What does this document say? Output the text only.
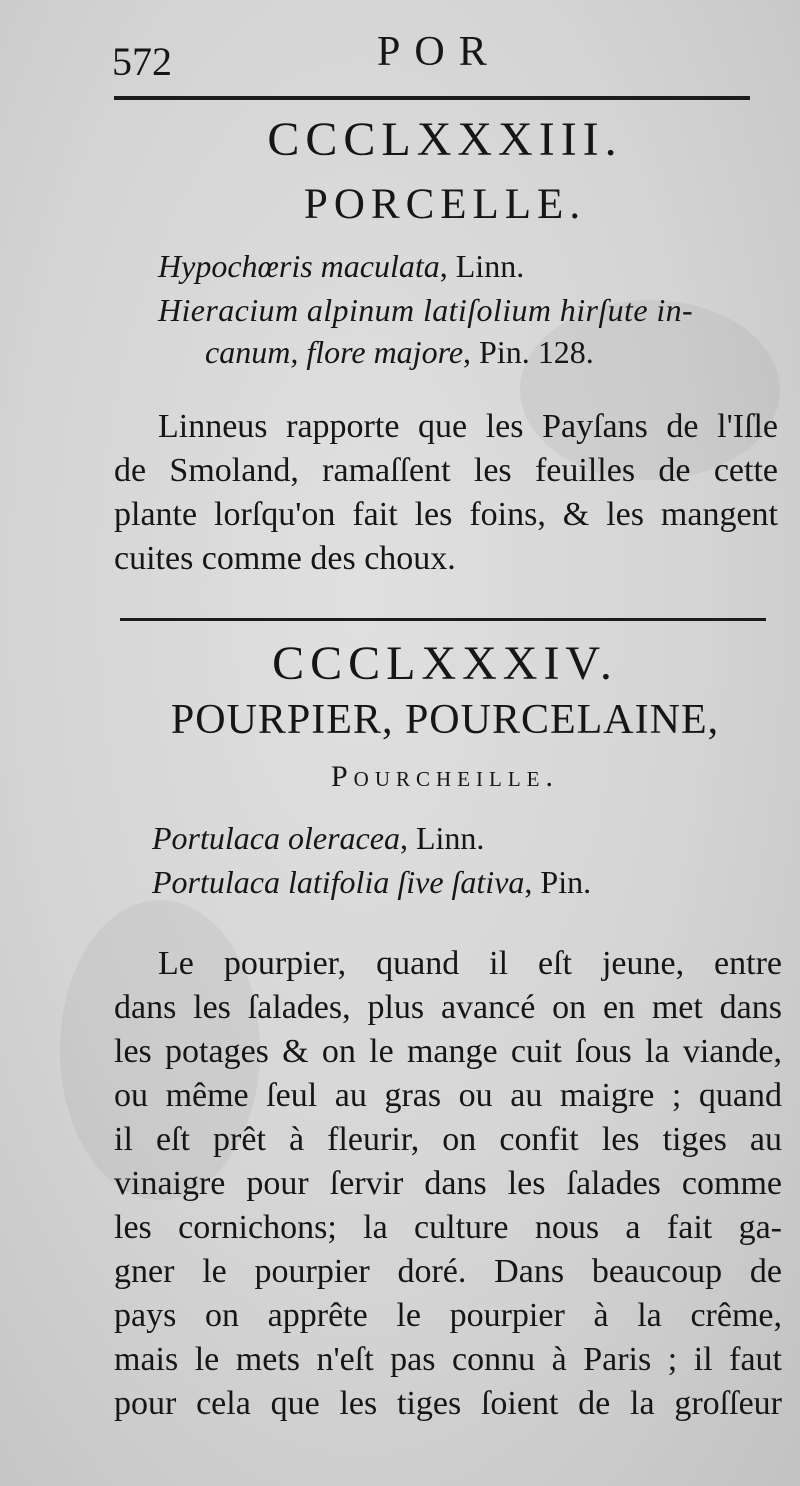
572	POR
CCCLXXXIII.
PORCELLE.
Hypochœris maculata, Linn.
Hieracium alpinum latiſolium hirſute in-
canum, flore majore, Pin. 128.
Linneus rapporte que les Payſans de l'Iſle
de Smoland, ramaſſent les feuilles de cette
plante lorſqu'on fait les foins, & les mangent
cuites comme des choux.
CCCLXXXIV.
POURPIER, POURCELAINE,
Pourcheille.
Portulaca oleracea, Linn.
Portulaca latifolia ſive ſativa, Pin.
Le pourpier, quand il eſt jeune, entre
dans les ſalades, plus avancé on en met dans
les potages & on le mange cuit ſous la viande,
ou même ſeul au gras ou au maigre ; quand
il eſt prêt à fleurir, on confit les tiges au
vinaigre pour ſervir dans les ſalades comme
les cornichons; la culture nous a fait ga-
gner le pourpier doré. Dans beaucoup de
pays on apprête le pourpier à la crême,
mais le mets n'eſt pas connu à Paris ; il faut
pour cela que les tiges ſoient de la groſſeur
